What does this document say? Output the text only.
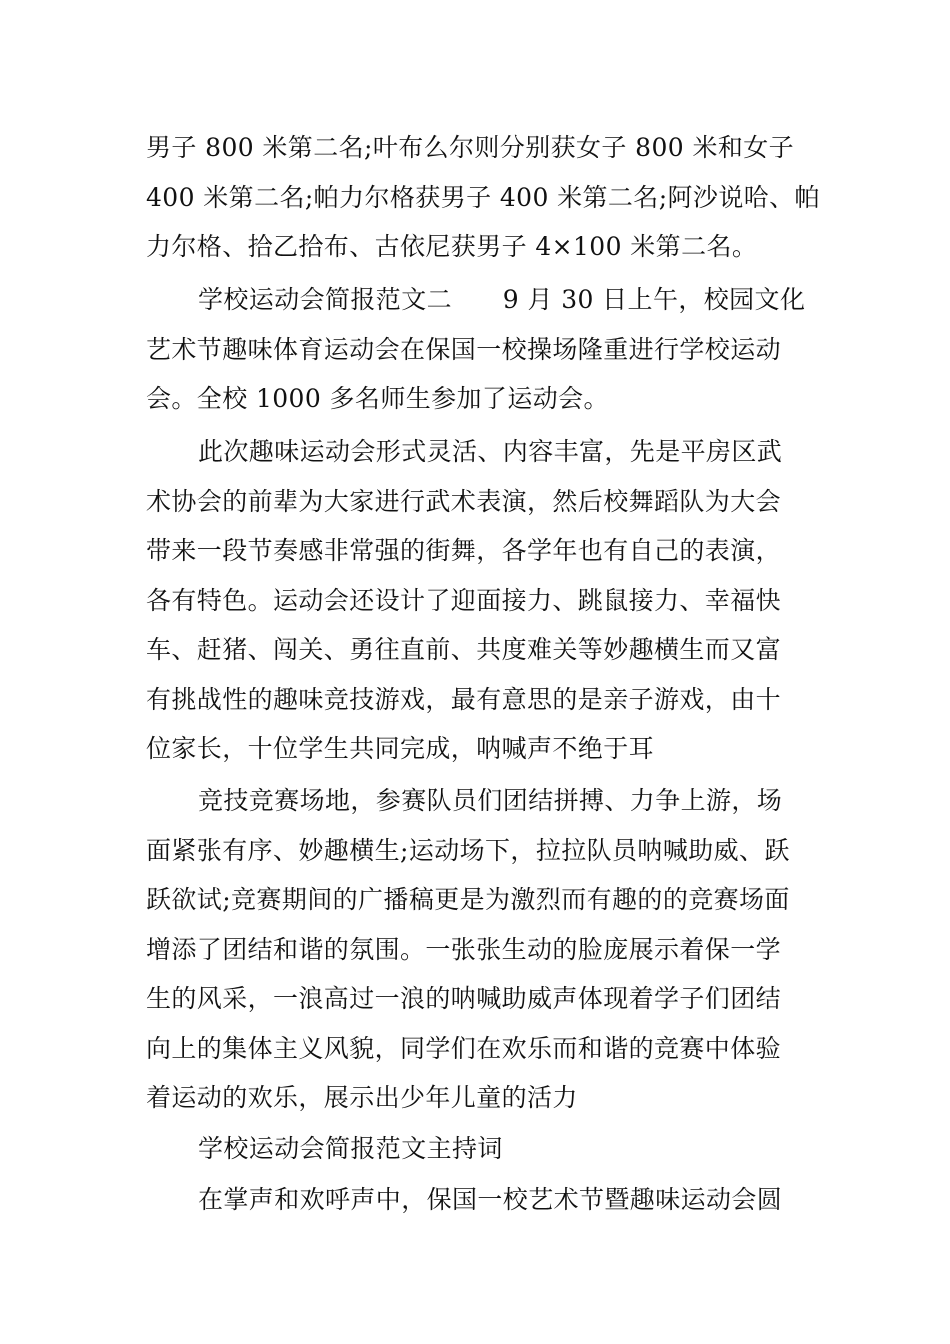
男子 800 米第二名;叶布么尔则分别获女子 800 米和女子
400 米第二名;帕力尔格获男子 400 米第二名;阿沙说哈、帕
力尔格、拾乙拾布、古依尼获男子 4×100 米第二名。
学校运动会简报范文二　　9 月 30 日上午，校园文化
艺术节趣味体育运动会在保国一校操场隆重进行学校运动
会。全校 1000 多名师生参加了运动会。
此次趣味运动会形式灵活、内容丰富，先是平房区武
术协会的前辈为大家进行武术表演，然后校舞蹈队为大会
带来一段节奏感非常强的街舞，各学年也有自己的表演，
各有特色。运动会还设计了迎面接力、跳鼠接力、幸福快
车、赶猪、闯关、勇往直前、共度难关等妙趣横生而又富
有挑战性的趣味竞技游戏，最有意思的是亲子游戏，由十
位家长，十位学生共同完成，呐喊声不绝于耳
竞技竞赛场地，参赛队员们团结拼搏、力争上游，场
面紧张有序、妙趣横生;运动场下，拉拉队员呐喊助威、跃
跃欲试;竞赛期间的广播稿更是为激烈而有趣的的竞赛场面
增添了团结和谐的氛围。一张张生动的脸庞展示着保一学
生的风采，一浪高过一浪的呐喊助威声体现着学子们团结
向上的集体主义风貌，同学们在欢乐而和谐的竞赛中体验
着运动的欢乐，展示出少年儿童的活力
学校运动会简报范文主持词
在掌声和欢呼声中，保国一校艺术节暨趣味运动会圆
